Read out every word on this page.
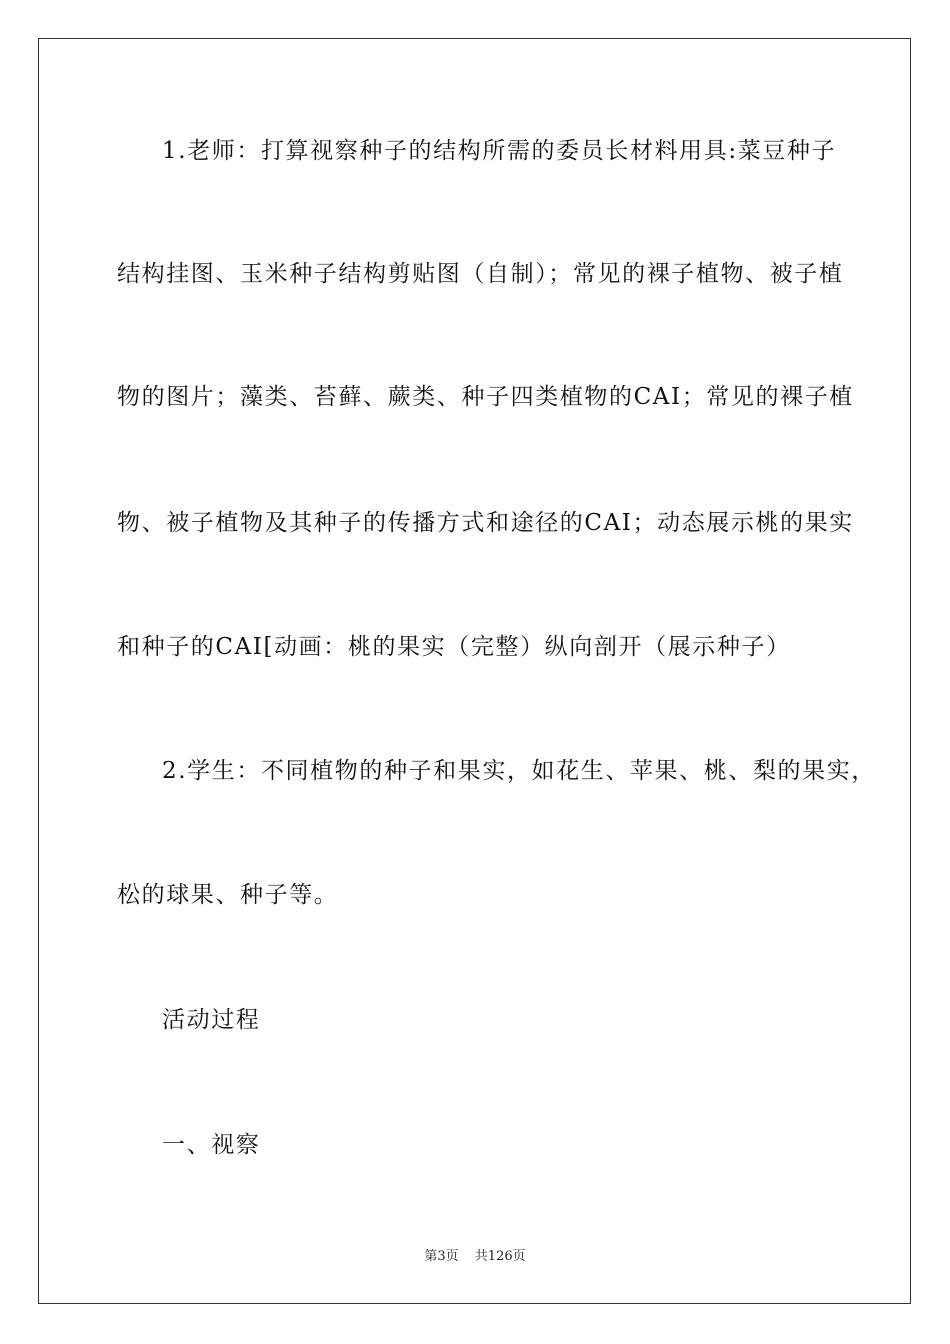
1.老师：打算视察种子的结构所需的委员长材料用具:菜豆种子
结构挂图、玉米种子结构剪贴图（自制）；常见的裸子植物、被子植
物的图片；藻类、苔藓、蕨类、种子四类植物的CAI；常见的裸子植
物、被子植物及其种子的传播方式和途径的CAI；动态展示桃的果实
和种子的CAI[动画：桃的果实（完整）纵向剖开（展示种子）
2.学生：不同植物的种子和果实，如花生、苹果、桃、梨的果实，
松的球果、种子等。
活动过程
一、视察
第3页 共126页
